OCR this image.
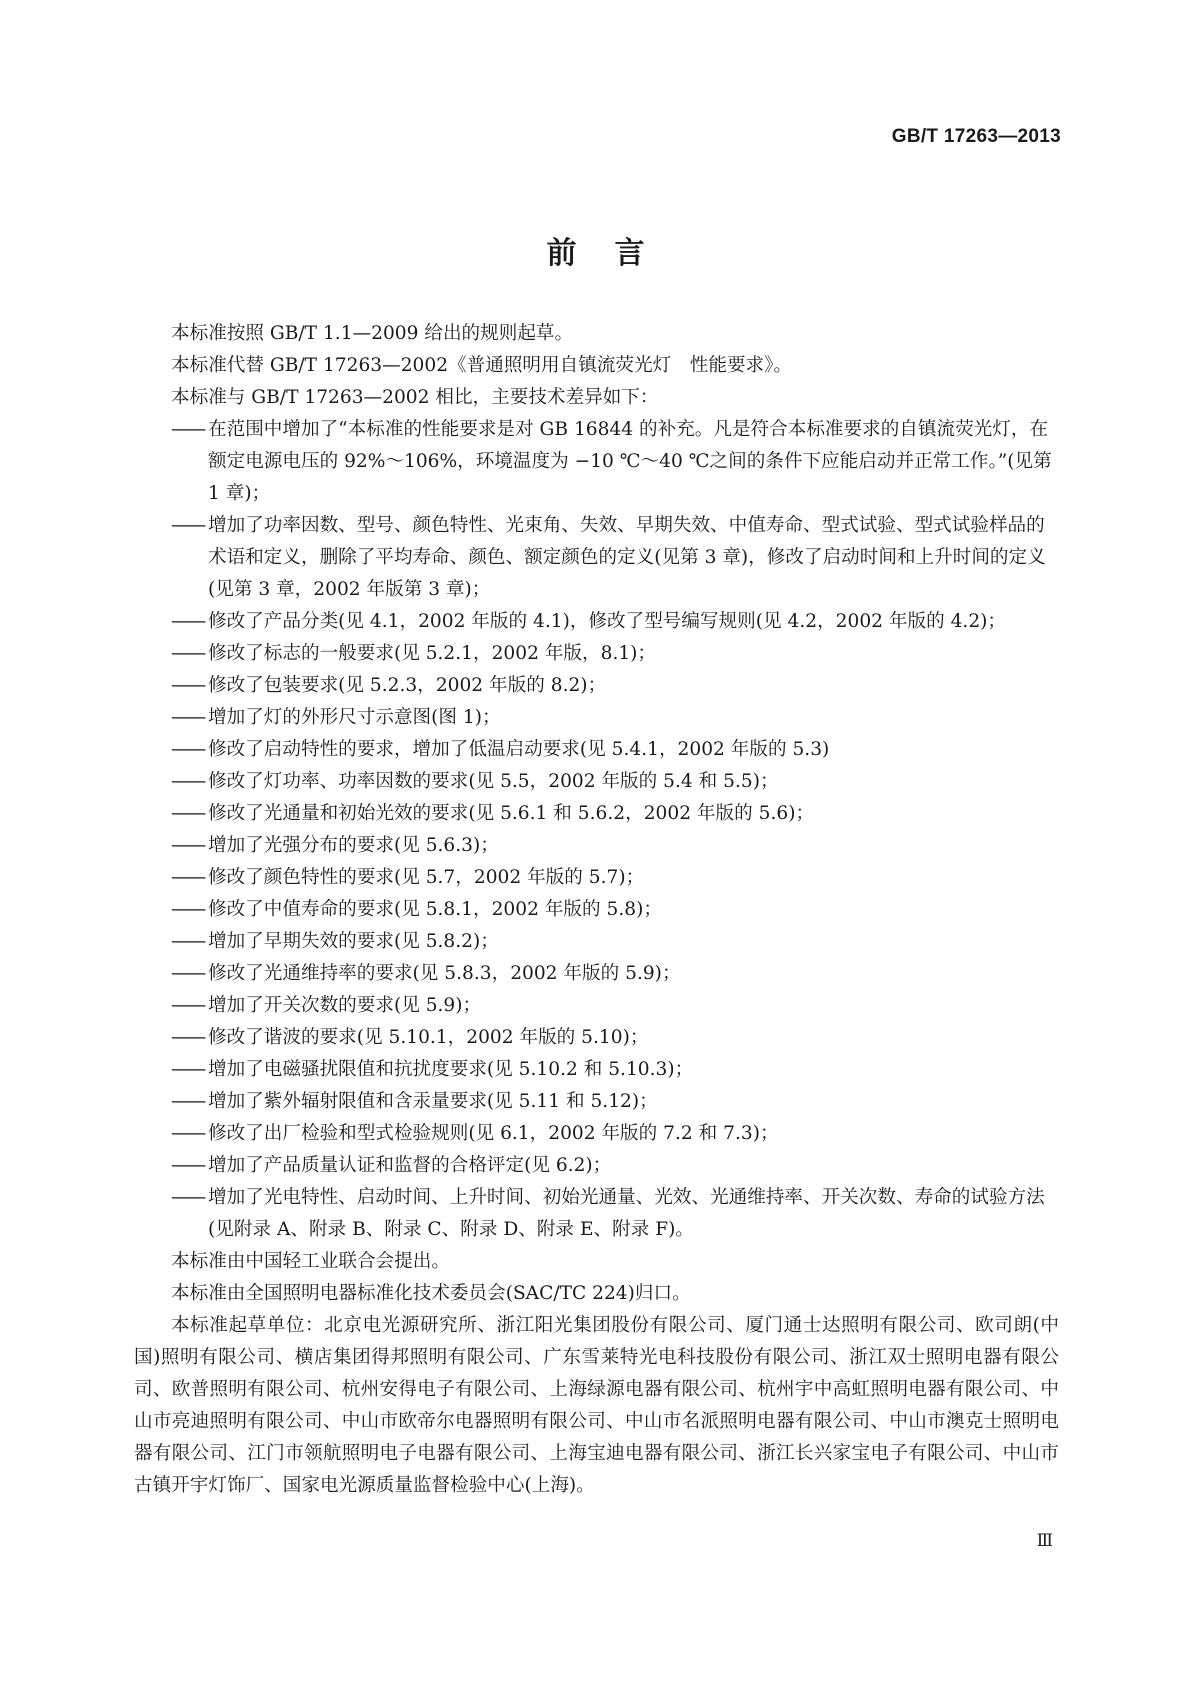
GB/T 17263—2013
前言

本标准按照 GB/T 1.1—2009 给出的规则起草。

本标准代替 GB/T 17263—2002《普通照明用自镇流荧光灯　性能要求》。

本标准与 GB/T 17263—2002 相比，主要技术差异如下：

—— 在范围中增加了“本标准的性能要求是对 GB 16844 的补充。凡是符合本标准要求的自镇流荧光灯，在额定电源电压的 92%～106%，环境温度为 −10 ℃～40 ℃之间的条件下应能启动并正常工作。”(见第 1 章)；
—— 增加了功率因数、型号、颜色特性、光束角、失效、早期失效、中值寿命、型式试验、型式试验样品的术语和定义，删除了平均寿命、颜色、额定颜色的定义(见第 3 章)，修改了启动时间和上升时间的定义(见第 3 章，2002 年版第 3 章)；
—— 修改了产品分类(见 4.1，2002 年版的 4.1)，修改了型号编写规则(见 4.2，2002 年版的 4.2)；
—— 修改了标志的一般要求(见 5.2.1，2002 年版，8.1)；
—— 修改了包装要求(见 5.2.3，2002 年版的 8.2)；
—— 增加了灯的外形尺寸示意图(图 1)；
—— 修改了启动特性的要求，增加了低温启动要求(见 5.4.1，2002 年版的 5.3)
—— 修改了灯功率、功率因数的要求(见 5.5，2002 年版的 5.4 和 5.5)；
—— 修改了光通量和初始光效的要求(见 5.6.1 和 5.6.2，2002 年版的 5.6)；
—— 增加了光强分布的要求(见 5.6.3)；
—— 修改了颜色特性的要求(见 5.7，2002 年版的 5.7)；
—— 修改了中值寿命的要求(见 5.8.1，2002 年版的 5.8)；
—— 增加了早期失效的要求(见 5.8.2)；
—— 修改了光通维持率的要求(见 5.8.3，2002 年版的 5.9)；
—— 增加了开关次数的要求(见 5.9)；
—— 修改了谐波的要求(见 5.10.1，2002 年版的 5.10)；
—— 增加了电磁骚扰限值和抗扰度要求(见 5.10.2 和 5.10.3)；
—— 增加了紫外辐射限值和含汞量要求(见 5.11 和 5.12)；
—— 修改了出厂检验和型式检验规则(见 6.1，2002 年版的 7.2 和 7.3)；
—— 增加了产品质量认证和监督的合格评定(见 6.2)；
—— 增加了光电特性、启动时间、上升时间、初始光通量、光效、光通维持率、开关次数、寿命的试验方法(见附录 A、附录 B、附录 C、附录 D、附录 E、附录 F)。

本标准由中国轻工业联合会提出。

本标准由全国照明电器标准化技术委员会(SAC/TC 224)归口。

本标准起草单位：北京电光源研究所、浙江阳光集团股份有限公司、厦门通士达照明有限公司、欧司朗(中国)照明有限公司、横店集团得邦照明有限公司、广东雪莱特光电科技股份有限公司、浙江双士照明电器有限公司、欧普照明有限公司、杭州安得电子有限公司、上海绿源电器有限公司、杭州宇中高虹照明电器有限公司、中山市亮迪照明有限公司、中山市欧帝尔电器照明有限公司、中山市名派照明电器有限公司、中山市澳克士照明电器有限公司、江门市领航照明电子电器有限公司、上海宝迪电器有限公司、浙江长兴家宝电子有限公司、中山市古镇开宇灯饰厂、国家电光源质量监督检验中心(上海)。

Ⅲ
